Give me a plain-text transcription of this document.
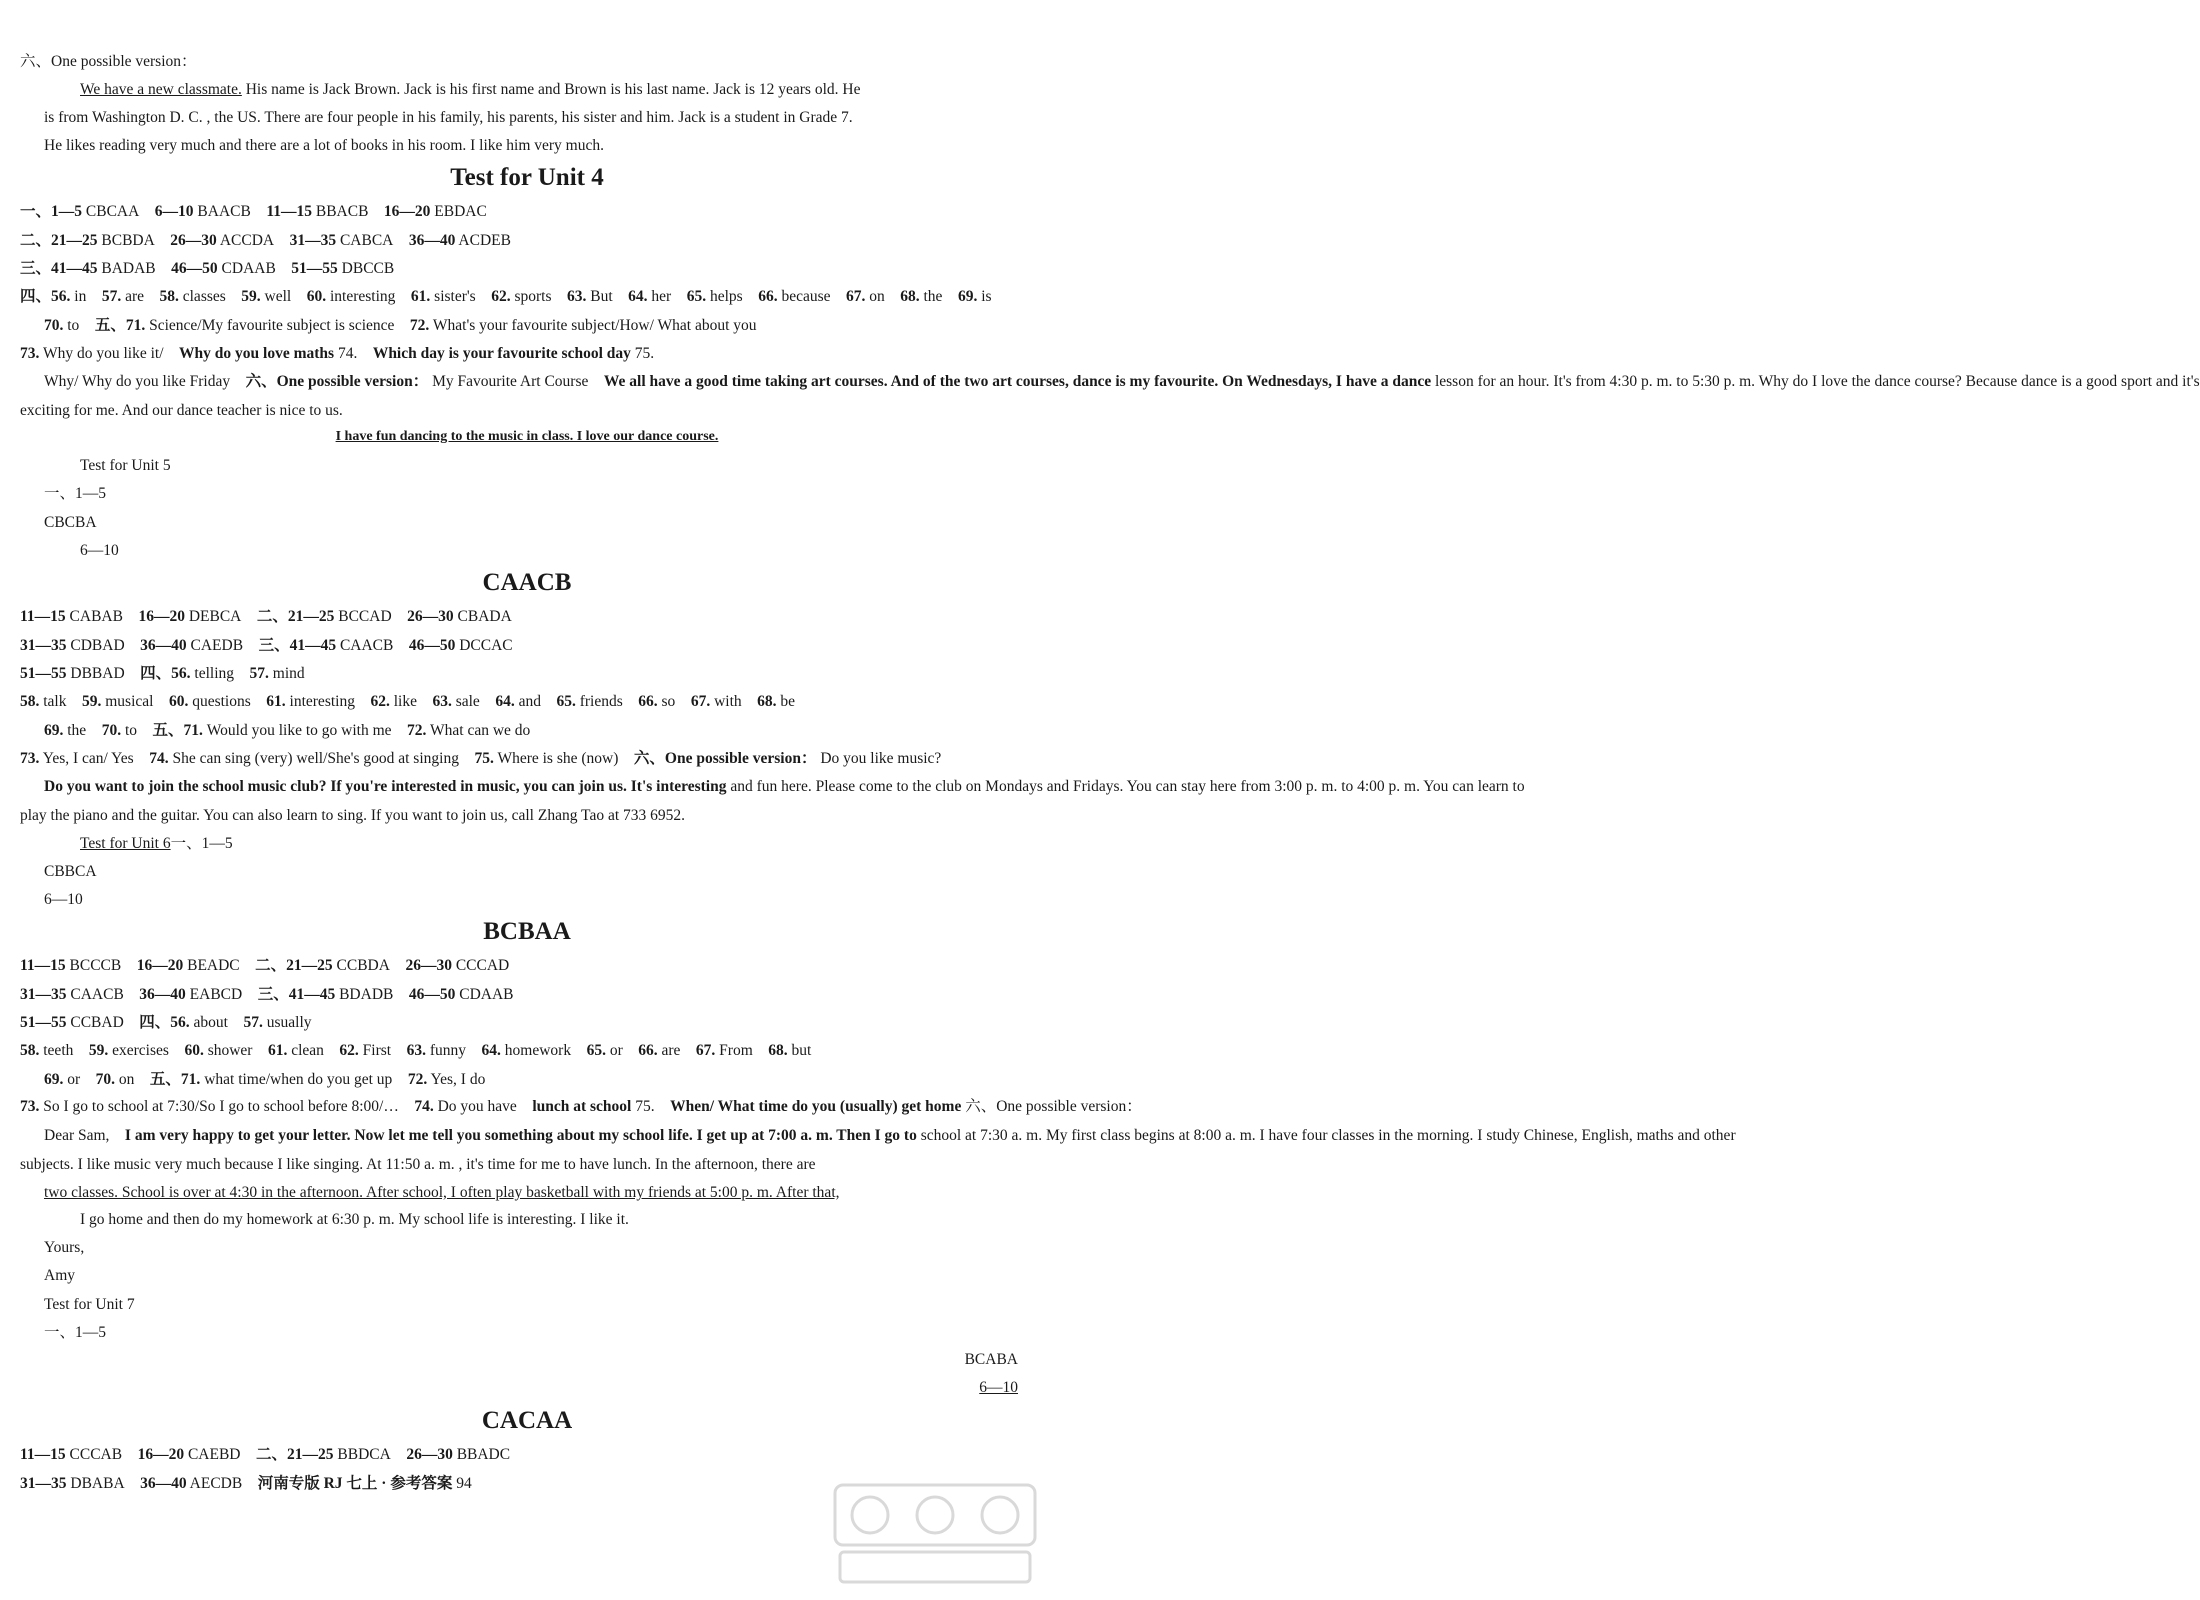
六、One possible version：
We have a new classmate. His name is Jack Brown. Jack is his first name and Brown is his last name. Jack is 12 years old. He
is from Washington D. C. , the US. There are four people in his family, his parents, his sister and him. Jack is a student in Grade 7.
He likes reading very much and there are a lot of books in his room. I like him very much.
Test for Unit 4
一、1—5 CBCAA  6—10 BAACB  11—15 BBACB  16—20 EBDAC
二、21—25 BCBDA  26—30 ACCDA  31—35 CABCA  36—40 ACDEB
三、41—45 BADAB  46—50 CDAAB  51—55 DBCCB
四、56. in  57. are  58. classes  59. well  60. interesting  61. sister's  62. sports  63. But  64. her  65. helps  66. because  67. on  68. the  69. is
70. to  五、71. Science/My favourite subject is science  72. What's your favourite subject/How/ What about you
73. Why do you like it/  Why do you love maths 74.  Which day is your favourite school day 75.
Why/ Why do you like Friday  六、One possible version： My Favourite Art Course  We all have a good time taking art courses. And of the two art courses, dance is my favourite. On Wednesdays, I have a dance lesson for an hour. It's from 4:30 p. m. to 5:30 p. m. Why do I love the dance course? Because dance is a good sport and it's
exciting for me. And our dance teacher is nice to us.
I have fun dancing to the music in class. I love our dance course.
Test for Unit 5
一、1—5
CBCBA
6—10
CAACB
11—15 CABAB  16—20 DEBCA  二、21—25 BCCAD  26—30 CBADA
31—35 CDBAD  36—40 CAEDB  三、41—45 CAACB  46—50 DCCAC
51—55 DBBAD  四、56. telling  57. mind
58. talk  59. musical  60. questions  61. interesting  62. like  63. sale  64. and  65. friends  66. so  67. with  68. be
69. the  70. to  五、71. Would you like to go with me  72. What can we do
73. Yes, I can/ Yes  74. She can sing (very) well/She's good at singing  75. Where is she (now)  六、One possible version： Do you like music?
Do you want to join the school music club? If you're interested in music, you can join us. It's interesting and fun here. Please come to the club on Mondays and Fridays. You can stay here from 3:00 p. m. to 4:00 p. m. You can learn to
play the piano and the guitar. You can also learn to sing. If you want to join us, call Zhang Tao at 733 6952.
Test for Unit 6一、1—5
CBBCA
6—10
BCBAA
11—15 BCCCB  16—20 BEADC  二、21—25 CCBDA  26—30 CCCAD
31—35 CAACB  36—40 EABCD  三、41—45 BDADB  46—50 CDAAB
51—55 CCBAD  四、56. about  57. usually
58. teeth  59. exercises  60. shower  61. clean  62. First  63. funny  64. homework  65. or  66. are  67. From  68. but
69. or  70. on  五、71. what time/when do you get up  72. Yes, I do
73. So I go to school at 7:30/So I go to school before 8:00/…  74. Do you have  lunch at school 75.  When/ What time do you (usually) get home 六、One possible version：
Dear Sam,  I am very happy to get your letter. Now let me tell you something about my school life. I get up at 7:00 a. m. Then I go to school at 7:30 a. m. My first class begins at 8:00 a. m. I have four classes in the morning. I study Chinese, English, maths and other
subjects. I like music very much because I like singing. At 11:50 a. m. , it's time for me to have lunch. In the afternoon, there are
two classes. School is over at 4:30 in the afternoon. After school, I often play basketball with my friends at 5:00 p. m. After that,
I go home and then do my homework at 6:30 p. m. My school life is interesting. I like it.
Yours,
Amy
Test for Unit 7
一、1—5
BCABA
6—10
CACAA
11—15 CCCAB  16—20 CAEBD  二、21—25 BBDCA  26—30 BBADC
31—35 DBABA  36—40 AECDB  河南专版 RJ 七上 · 参考答案 94 
